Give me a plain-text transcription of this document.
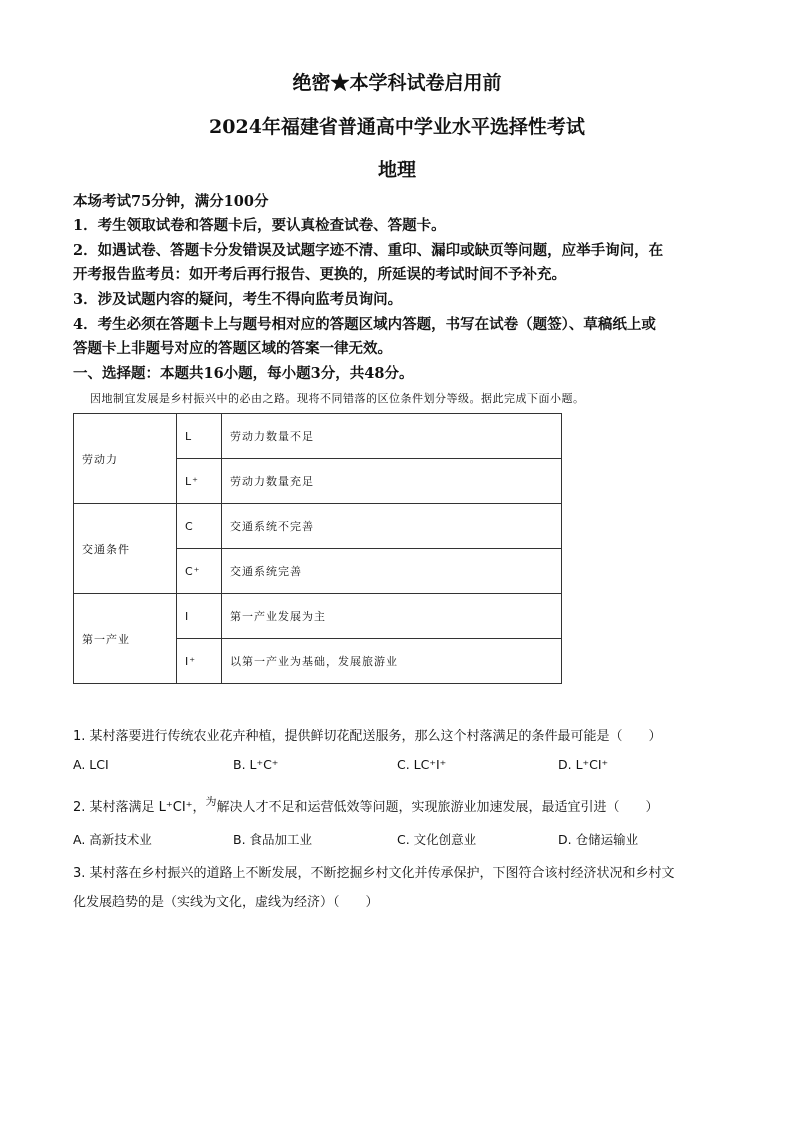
绝密★本学科试卷启用前
2024年福建省普通高中学业水平选择性考试
地理
本场考试75分钟，满分100分
1．考生领取试卷和答题卡后，要认真检查试卷、答题卡。
2．如遇试卷、答题卡分发错误及试题字迹不清、重印、漏印或缺页等问题，应举手询问，在
开考报告监考员：如开考后再行报告、更换的，所延误的考试时间不予补充。
3．涉及试题内容的疑问，考生不得向监考员询问。
4．考生必须在答题卡上与题号相对应的答题区域内答题，书写在试卷（题签）、草稿纸上或
答题卡上非题号对应的答题区域的答案一律无效。
一、选择题：本题共16小题，每小题3分，共48分。
因地制宜发展是乡村振兴中的必由之路。现将不同错落的区位条件划分等级。据此完成下面小题。
劳动力	L	劳动力数量不足
	L⁺	劳动力数量充足
交通条件	C	交通系统不完善
	C⁺	交通系统完善
第一产业	I	第一产业发展为主
	I⁺	以第一产业为基础，发展旅游业
1. 某村落要进行传统农业花卉种植，提供鲜切花配送服务，那么这个村落满足的条件最可能是（　　）
A. LCI	B. L⁺C⁺	C. LC⁺I⁺	D. L⁺CI⁺
2. 某村落满足 L⁺CI⁺，$^为$解决人才不足和运营低效等问题，实现旅游业加速发展，最适宜引进（　　）
A. 高新技术业	B. 食品加工业	C. 文化创意业	D. 仓储运输业
3. 某村落在乡村振兴的道路上不断发展，不断挖掘乡村文化并传承保护，下图符合该村经济状况和乡村文
化发展趋势的是（实线为文化，虚线为经济）（　　）
